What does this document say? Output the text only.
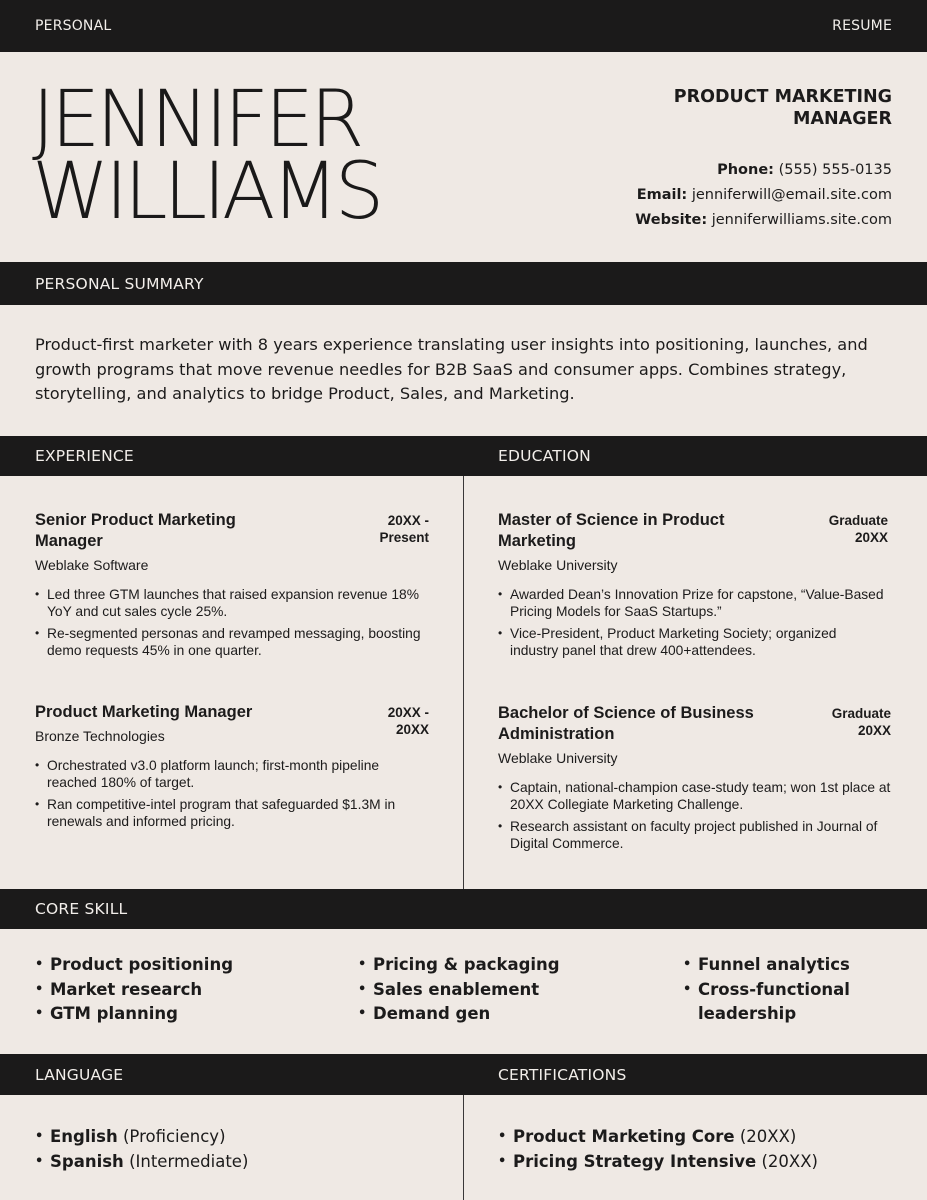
PERSONAL	RESUME
JENNIFER
WILLIAMS
PRODUCT MARKETING
MANAGER
Phone: (555) 555-0135
Email: jenniferwill@email.site.com
Website: jenniferwilliams.site.com
PERSONAL SUMMARY

Product-first marketer with 8 years experience translating user insights into positioning, launches, and growth programs that move revenue needles for B2B SaaS and consumer apps. Combines strategy, storytelling, and analytics to bridge Product, Sales, and Marketing.

EXPERIENCE	EDUCATION
Senior Product Marketing Manager
20XX -
Present
Weblake Software
• Led three GTM launches that raised expansion revenue 18% YoY and cut sales cycle 25%.
• Re-segmented personas and revamped messaging, boosting demo requests 45% in one quarter.
Product Marketing Manager	20XX -
20XX
Bronze Technologies
• Orchestrated v3.0 platform launch; first-month pipeline reached 180% of target.
• Ran competitive-intel program that safeguarded $1.3M in renewals and informed pricing.
Master of Science in Product Marketing
Graduate
20XX
Weblake University
• Awarded Dean’s Innovation Prize for capstone, “Value-Based Pricing Models for SaaS Startups.”
• Vice-President, Product Marketing Society; organized industry panel that drew 400+attendees.
Bachelor of Science of Business Administration
Graduate
20XX
Weblake University
• Captain, national-champion case-study team; won 1st place at 20XX Collegiate Marketing Challenge.
• Research assistant on faculty project published in Journal of Digital Commerce.
CORE SKILL
• Product positioning
• Market research
• GTM planning
• Pricing & packaging
• Sales enablement
• Demand gen
• Funnel analytics
• Cross-functional leadership
LANGUAGE	CERTIFICATIONS
• English (Proficiency)
• Spanish (Intermediate)
• Product Marketing Core (20XX)
• Pricing Strategy Intensive (20XX)
